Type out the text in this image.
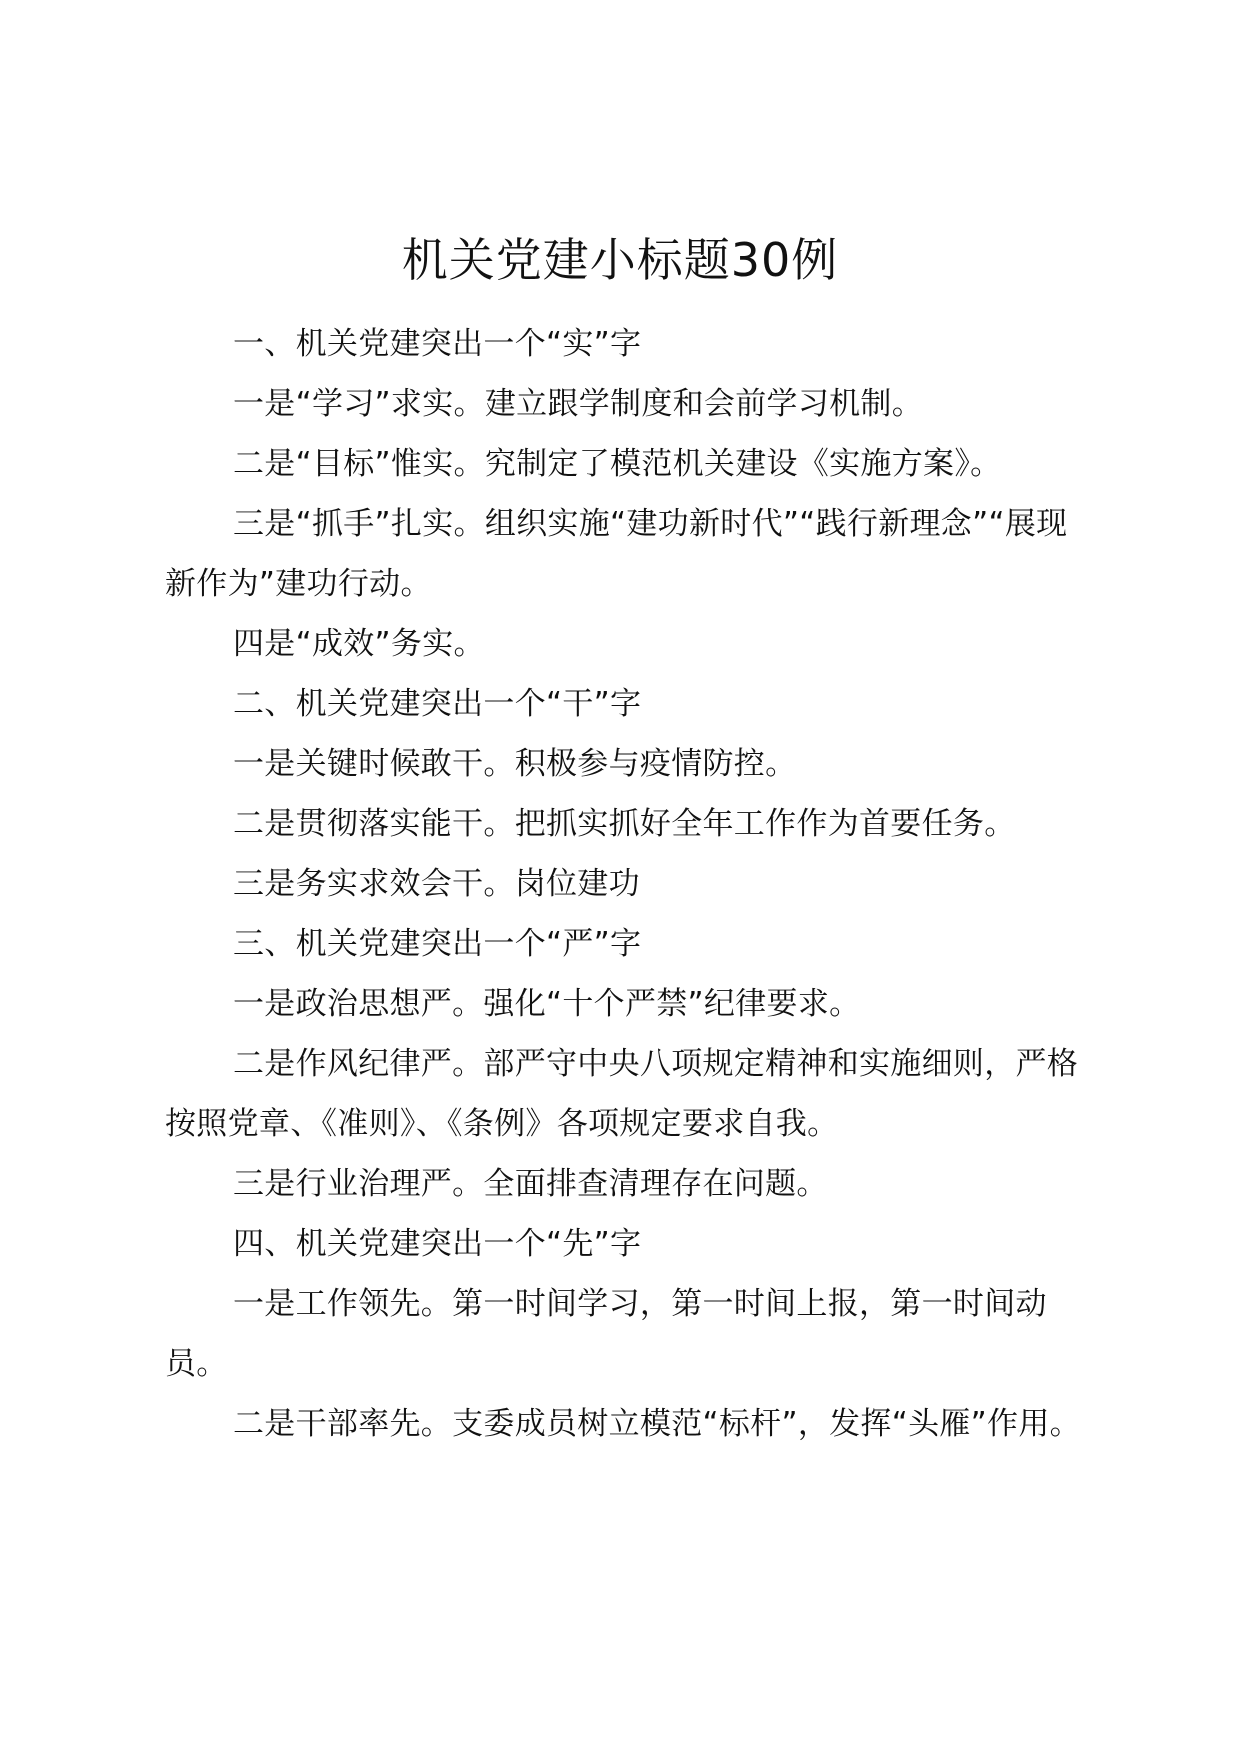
机关党建小标题30例

一、机关党建突出一个“实”字

一是“学习”求实。建立跟学制度和会前学习机制。

二是“目标”惟实。究制定了模范机关建设《实施方案》。

三是“抓手”扎实。组织实施“建功新时代”“践行新理念”“展现新作为”建功行动。

四是“成效”务实。

二、机关党建突出一个“干”字

一是关键时候敢干。积极参与疫情防控。

二是贯彻落实能干。把抓实抓好全年工作作为首要任务。

三是务实求效会干。岗位建功

三、机关党建突出一个“严”字

一是政治思想严。强化“十个严禁”纪律要求。

二是作风纪律严。部严守中央八项规定精神和实施细则，严格按照党章、《准则》、《条例》各项规定要求自我。

三是行业治理严。全面排查清理存在问题。

四、机关党建突出一个“先”字

一是工作领先。第一时间学习，第一时间上报，第一时间动员。

二是干部率先。支委成员树立模范“标杆”，发挥“头雁”作用。
